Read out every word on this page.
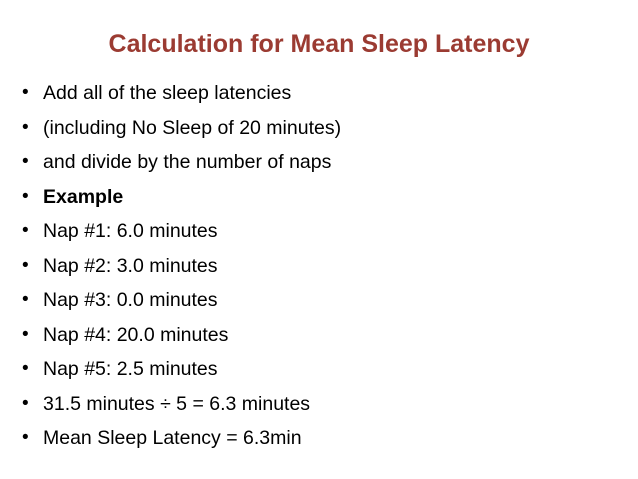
Calculation for Mean Sleep Latency
• Add all of the sleep latencies
• (including No Sleep of 20 minutes)
• and divide by the number of naps
• Example
• Nap #1: 6.0 minutes
• Nap #2: 3.0 minutes
• Nap #3: 0.0 minutes
• Nap #4: 20.0 minutes
• Nap #5: 2.5 minutes
• 31.5 minutes ÷ 5 = 6.3 minutes
• Mean Sleep Latency = 6.3min
